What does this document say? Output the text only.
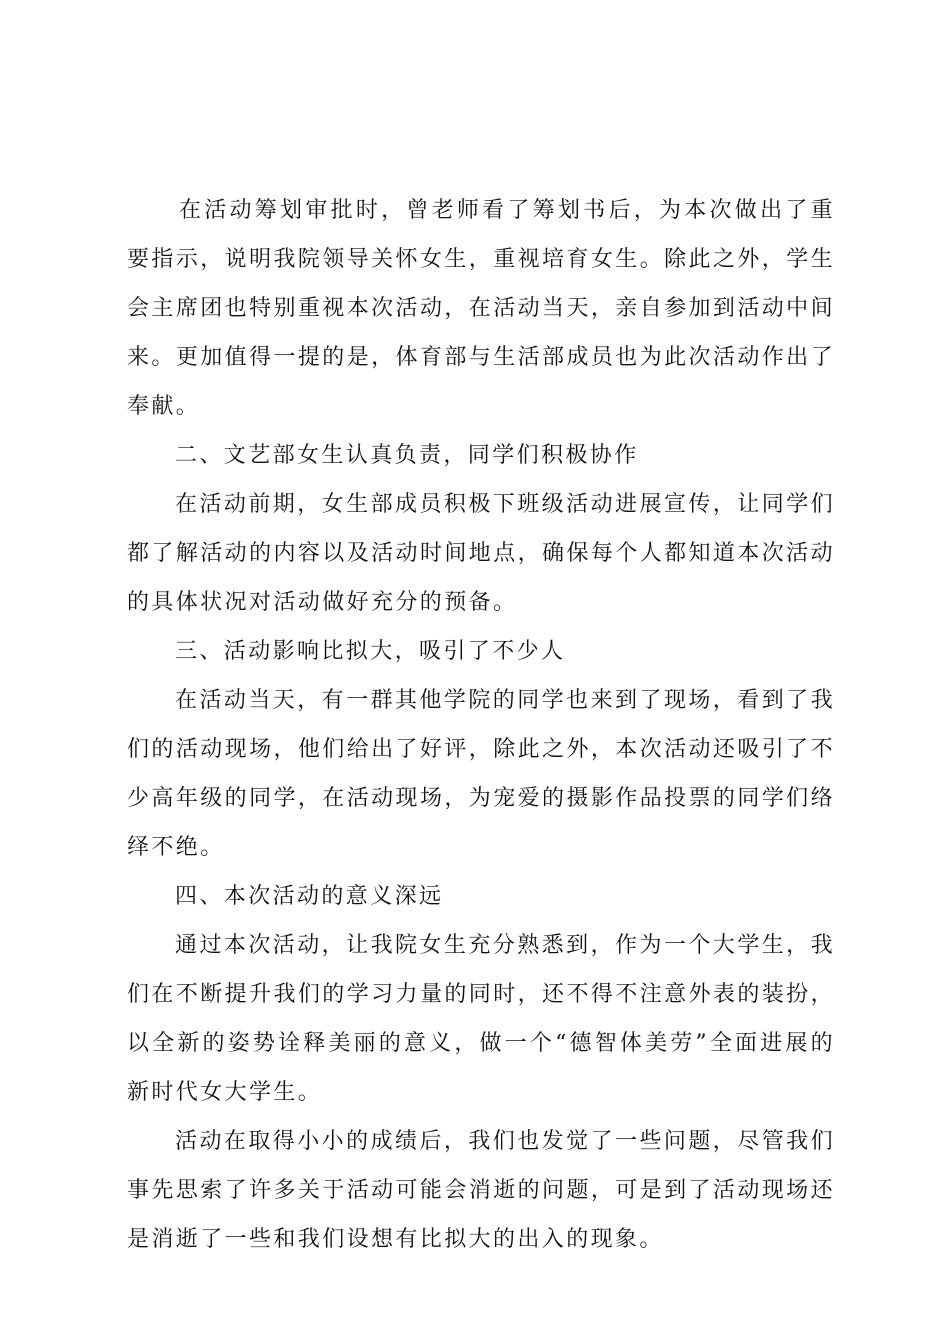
在活动筹划审批时，曾老师看了筹划书后，为本次做出了重要指示，说明我院领导关怀女生，重视培育女生。除此之外，学生会主席团也特别重视本次活动，在活动当天，亲自参加到活动中间来。更加值得一提的是，体育部与生活部成员也为此次活动作出了奉献。

二、文艺部女生认真负责，同学们积极协作

在活动前期，女生部成员积极下班级活动进展宣传，让同学们都了解活动的内容以及活动时间地点，确保每个人都知道本次活动的具体状况对活动做好充分的预备。

三、活动影响比拟大，吸引了不少人

在活动当天，有一群其他学院的同学也来到了现场，看到了我们的活动现场，他们给出了好评，除此之外，本次活动还吸引了不少高年级的同学，在活动现场，为宠爱的摄影作品投票的同学们络绎不绝。

四、本次活动的意义深远

通过本次活动，让我院女生充分熟悉到，作为一个大学生，我们在不断提升我们的学习力量的同时，还不得不注意外表的装扮，以全新的姿势诠释美丽的意义，做一个“德智体美劳”全面进展的新时代女大学生。

活动在取得小小的成绩后，我们也发觉了一些问题，尽管我们事先思索了许多关于活动可能会消逝的问题，可是到了活动现场还是消逝了一些和我们设想有比拟大的出入的现象。
